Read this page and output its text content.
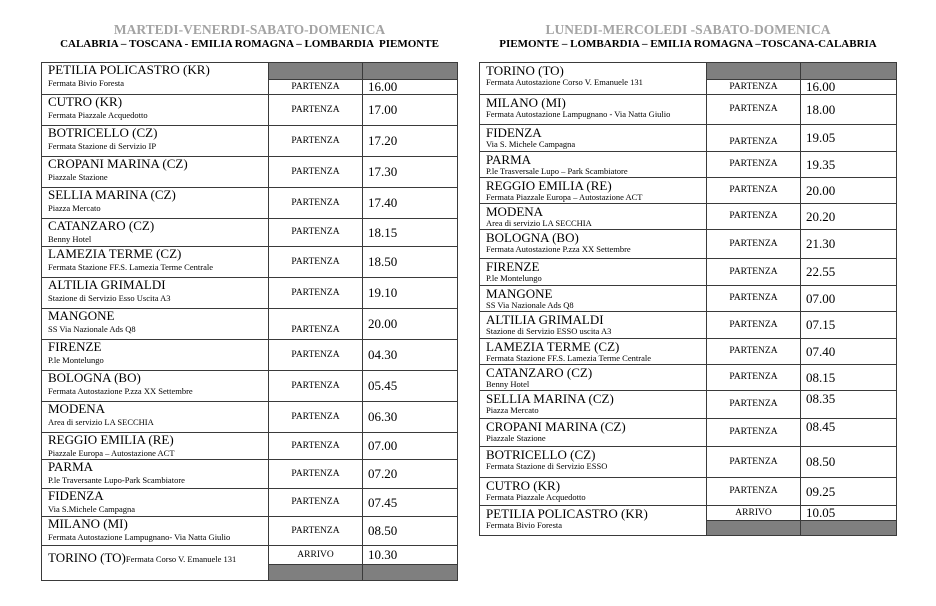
MARTEDI-VENERDI-SABATO-DOMENICA
CALABRIA – TOSCANA - EMILIA ROMAGNA – LOMBARDIA  PIEMONTE
LUNEDI-MERCOLEDI -SABATO-DOMENICA
PIEMONTE – LOMBARDIA – EMILIA ROMAGNA –TOSCANA-CALABRIA
PETILIA POLICASTRO (KR)
Fermata Bivio Foresta	PARTENZA	16.00
CUTRO (KR)
Fermata Piazzale Acquedotto
PARTENZA	17.00
BOTRICELLO (CZ)
Fermata Stazione di Servizio IP
PARTENZA	17.20
CROPANI MARINA (CZ)
Piazzale Stazione
PARTENZA	17.30
SELLIA MARINA (CZ)
Piazza Mercato
PARTENZA	17.40
CATANZARO (CZ)
Benny Hotel
PARTENZA	18.15
LAMEZIA TERME (CZ)
Fermata Stazione FF.S. Lamezia Terme Centrale
PARTENZA	18.50
ALTILIA GRIMALDI
Stazione di Servizio Esso Uscita A3
PARTENZA	19.10
MANGONE
SS Via Nazionale Ads Q8	PARTENZA	20.00
FIRENZE
P.le Montelungo
PARTENZA	04.30
BOLOGNA (BO)
Fermata Autostazione P.zza XX Settembre
PARTENZA	05.45
MODENA
Area di servizio LA SECCHIA
PARTENZA	06.30
REGGIO EMILIA (RE)
Piazzale Europa – Autostazione ACT
PARTENZA	07.00
PARMA
P.le Traversante Lupo-Park Scambiatore
PARTENZA	07.20
FIDENZA
Via S.Michele Campagna
PARTENZA	07.45
MILANO (MI)
Fermata Autostazione Lampugnano- Via Natta Giulio
PARTENZA	08.50
TORINO (TO)Fermata Corso V. Emanuele 131	ARRIVO	10.30
TORINO (TO)
Fermata Autostazione Corso V. Emanuele 131	PARTENZA	16.00
MILANO (MI)
Fermata Autostazione Lampugnano - Via Natta Giulio	PARTENZA	18.00
FIDENZA
Via S. Michele Campagna	PARTENZA	19.05
PARMA
P.le Trasversale Lupo – Park Scambiatore
PARTENZA	19.35
REGGIO EMILIA (RE)
Fermata Piazzale Europa – Autostazione ACT
PARTENZA	20.00
MODENA
Area di servizio LA SECCHIA
PARTENZA	20.20
BOLOGNA (BO)
Fermata Autostazione P.zza XX Settembre
PARTENZA	21.30
FIRENZE
P.le Montelungo
PARTENZA	22.55
MANGONE
SS Via Nazionale Ads Q8
PARTENZA	07.00
ALTILIA GRIMALDI
Stazione di Servizio ESSO uscita A3
PARTENZA	07.15
LAMEZIA TERME (CZ)
Fermata Stazione FF.S. Lamezia Terme Centrale
PARTENZA	07.40
CATANZARO (CZ)
Benny Hotel
PARTENZA	08.15
SELLIA MARINA (CZ)
Piazza Mercato
PARTENZA	08.35
CROPANI MARINA (CZ)
Piazzale Stazione
PARTENZA	08.45
BOTRICELLO (CZ)
Fermata Stazione di Servizio ESSO	PARTENZA	08.50
CUTRO (KR)
Fermata Piazzale Acquedotto
PARTENZA	09.25
PETILIA POLICASTRO (KR)
Fermata Bivio Foresta
ARRIVO	10.05
